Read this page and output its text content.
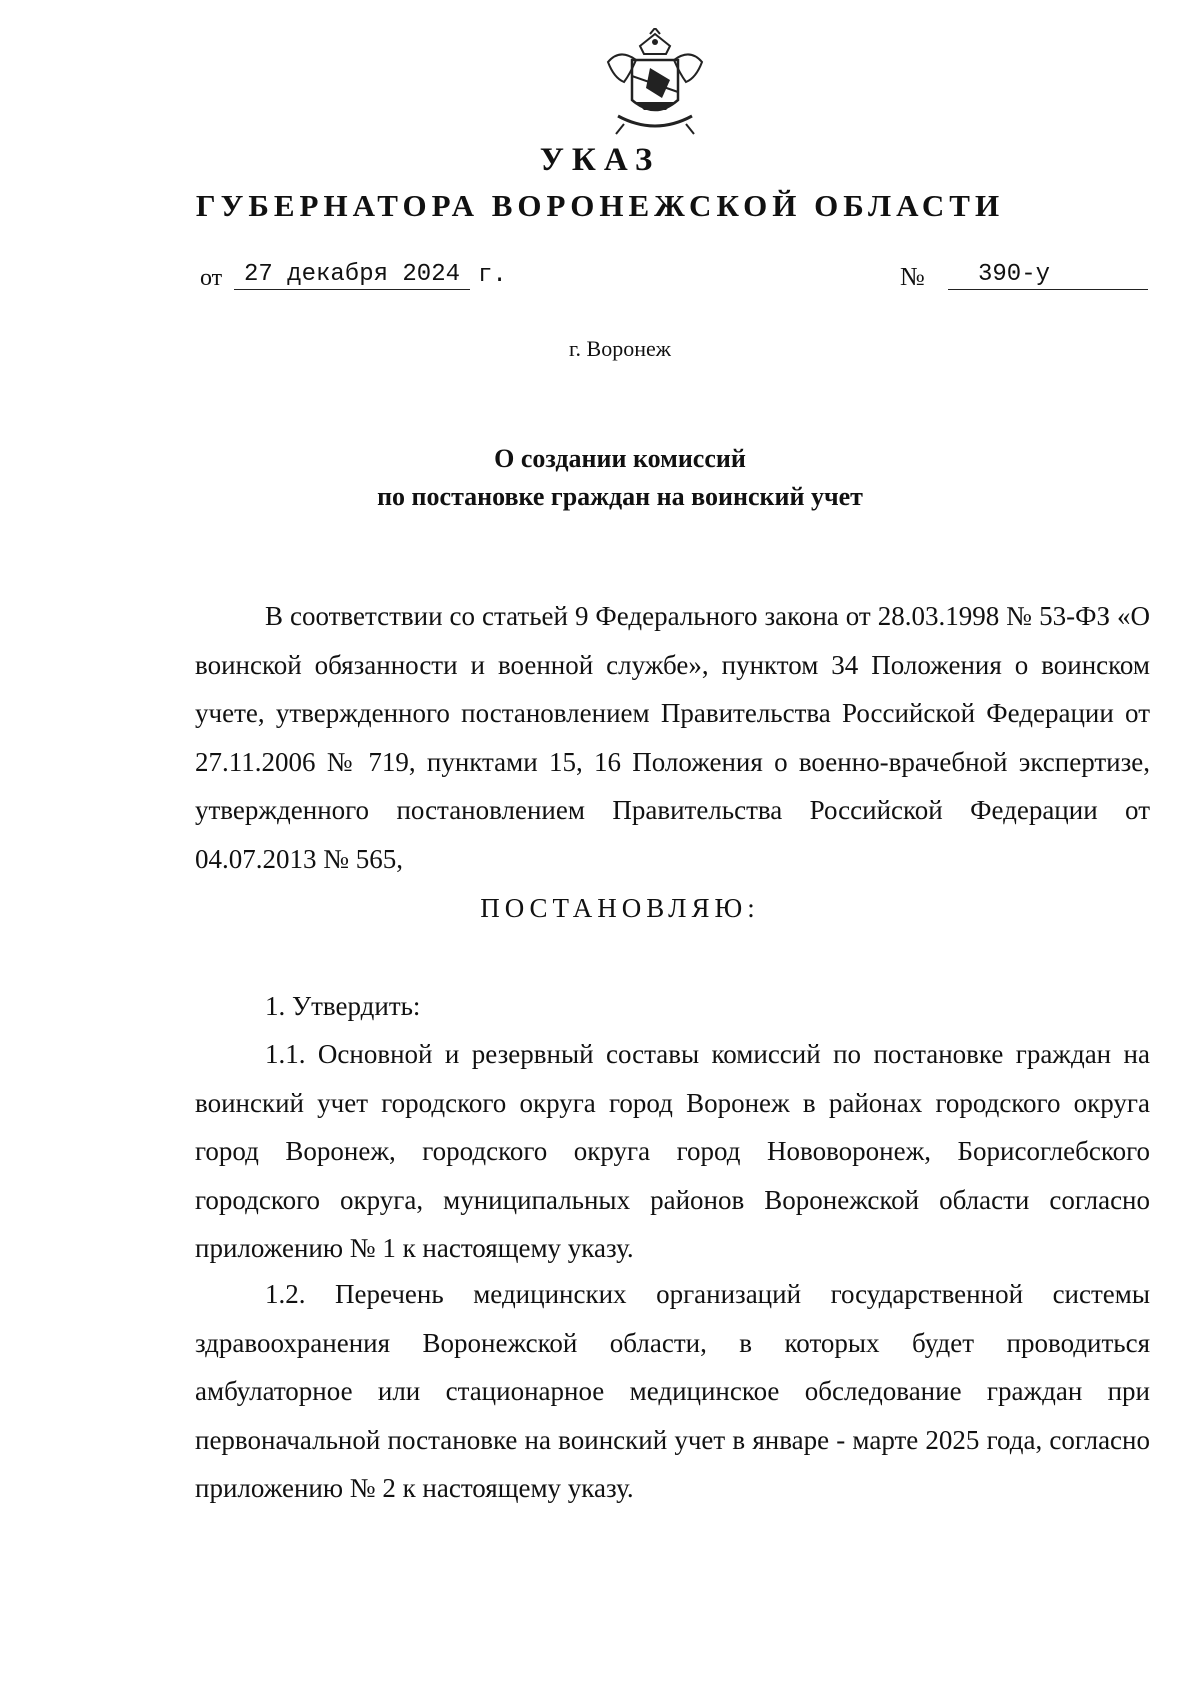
УКАЗ
ГУБЕРНАТОРА ВОРОНЕЖСКОЙ ОБЛАСТИ
от 27 декабря 2024 г.	№	390-у
г. Воронеж
О создании комиссий
по постановке граждан на воинский учет

В соответствии со статьей 9 Федерального закона от 28.03.1998 № 53-ФЗ «О воинской обязанности и военной службе», пунктом 34 Положения о воинском учете, утвержденного постановлением Правительства Российской Федерации от 27.11.2006 № 719, пунктами 15, 16 Положения о военно-врачебной экспертизе, утвержденного постановлением Правительства Российской Федерации от 04.07.2013 № 565,

ПОСТАНОВЛЯЮ:

1. Утвердить:

1.1. Основной и резервный составы комиссий по постановке граждан на воинский учет городского округа город Воронеж в районах городского округа город Воронеж, городского округа город Нововоронеж, Борисоглебского городского округа, муниципальных районов Воронежской области согласно приложению № 1 к настоящему указу.

1.2. Перечень медицинских организаций государственной системы здравоохранения Воронежской области, в которых будет проводиться амбулаторное или стационарное медицинское обследование граждан при первоначальной постановке на воинский учет в январе - марте 2025 года, согласно приложению № 2 к настоящему указу.
